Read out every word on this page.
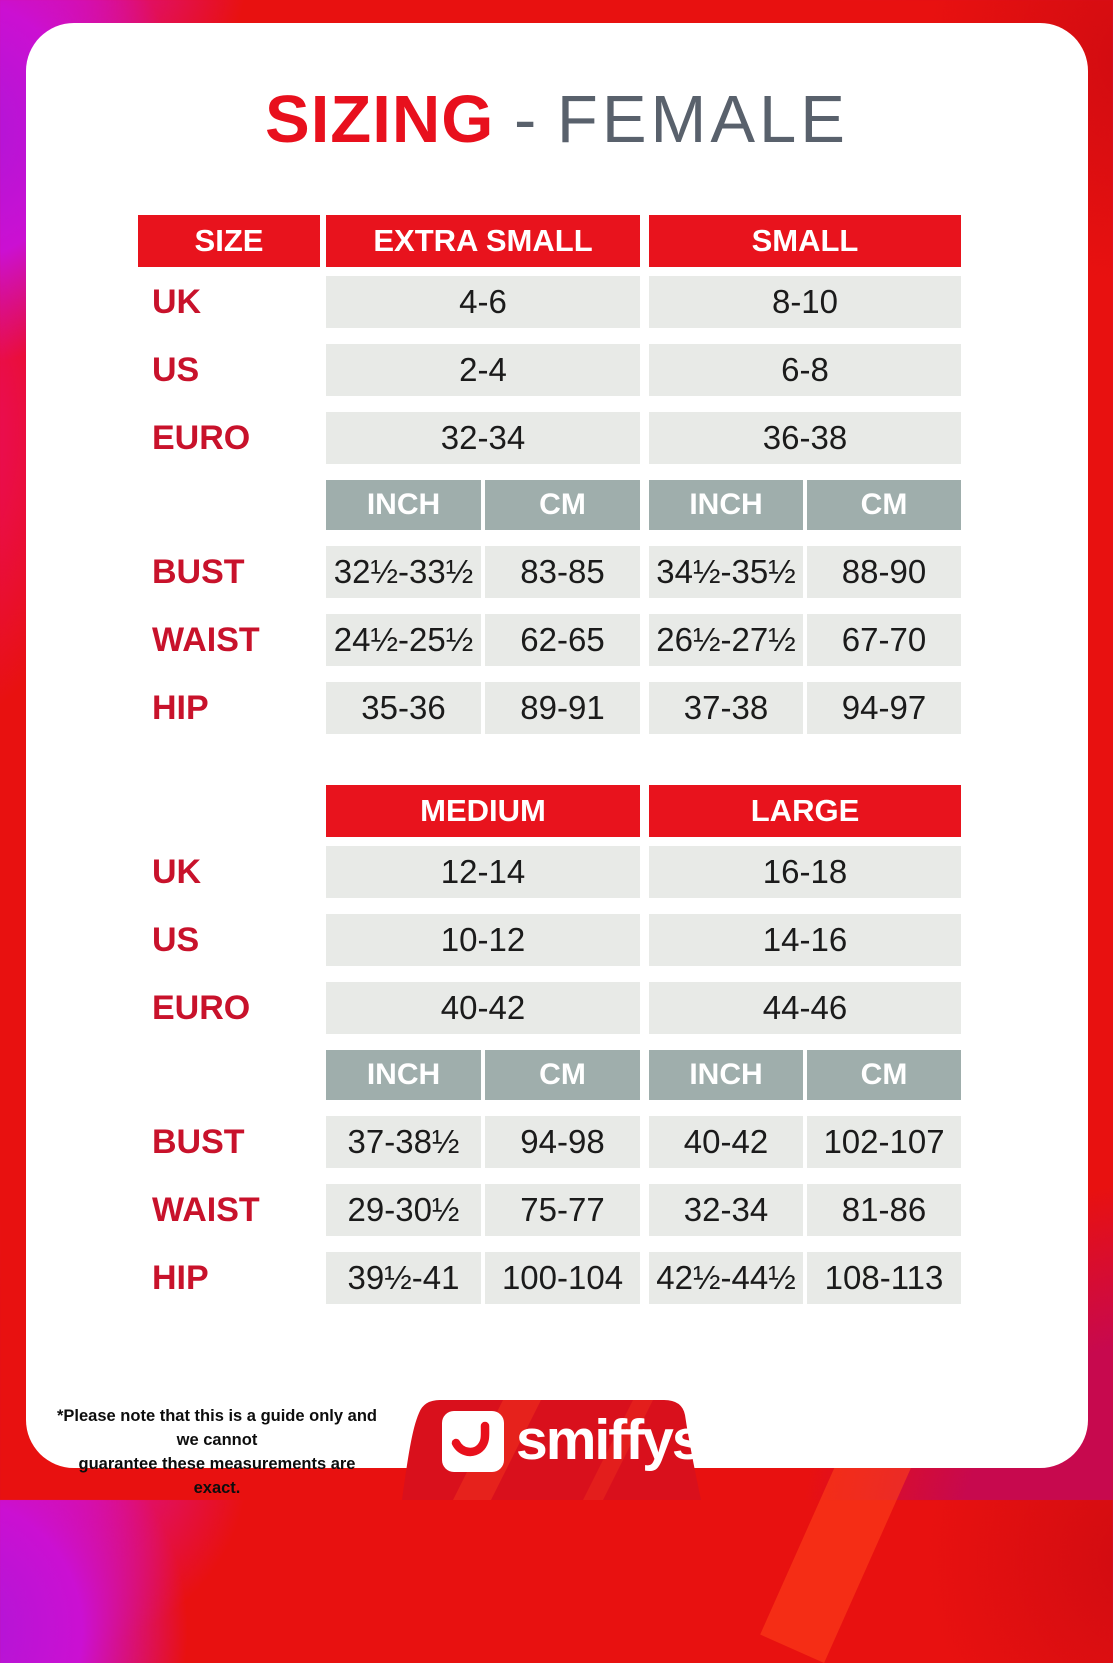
SIZING - FEMALE
SIZE	EXTRA SMALL	SMALL
UK	4-6	8-10
US	2-4	6-8
EURO	32-34	36-38
INCH	CM	INCH	CM
BUST	32½-33½	83-85	34½-35½	88-90
WAIST	24½-25½	62-65	26½-27½	67-70
HIP	35-36	89-91	37-38	94-97
MEDIUM	LARGE
UK	12-14	16-18
US	10-12	14-16
EURO	40-42	44-46
INCH	CM	INCH	CM
BUST	37-38½	94-98	40-42	102-107
WAIST	29-30½	75-77	32-34	81-86
HIP	39½-41	100-104	42½-44½ 108-113
*Please note that this is a guide only and we cannot
guarantee these measurements are exact.
smiffys ™
